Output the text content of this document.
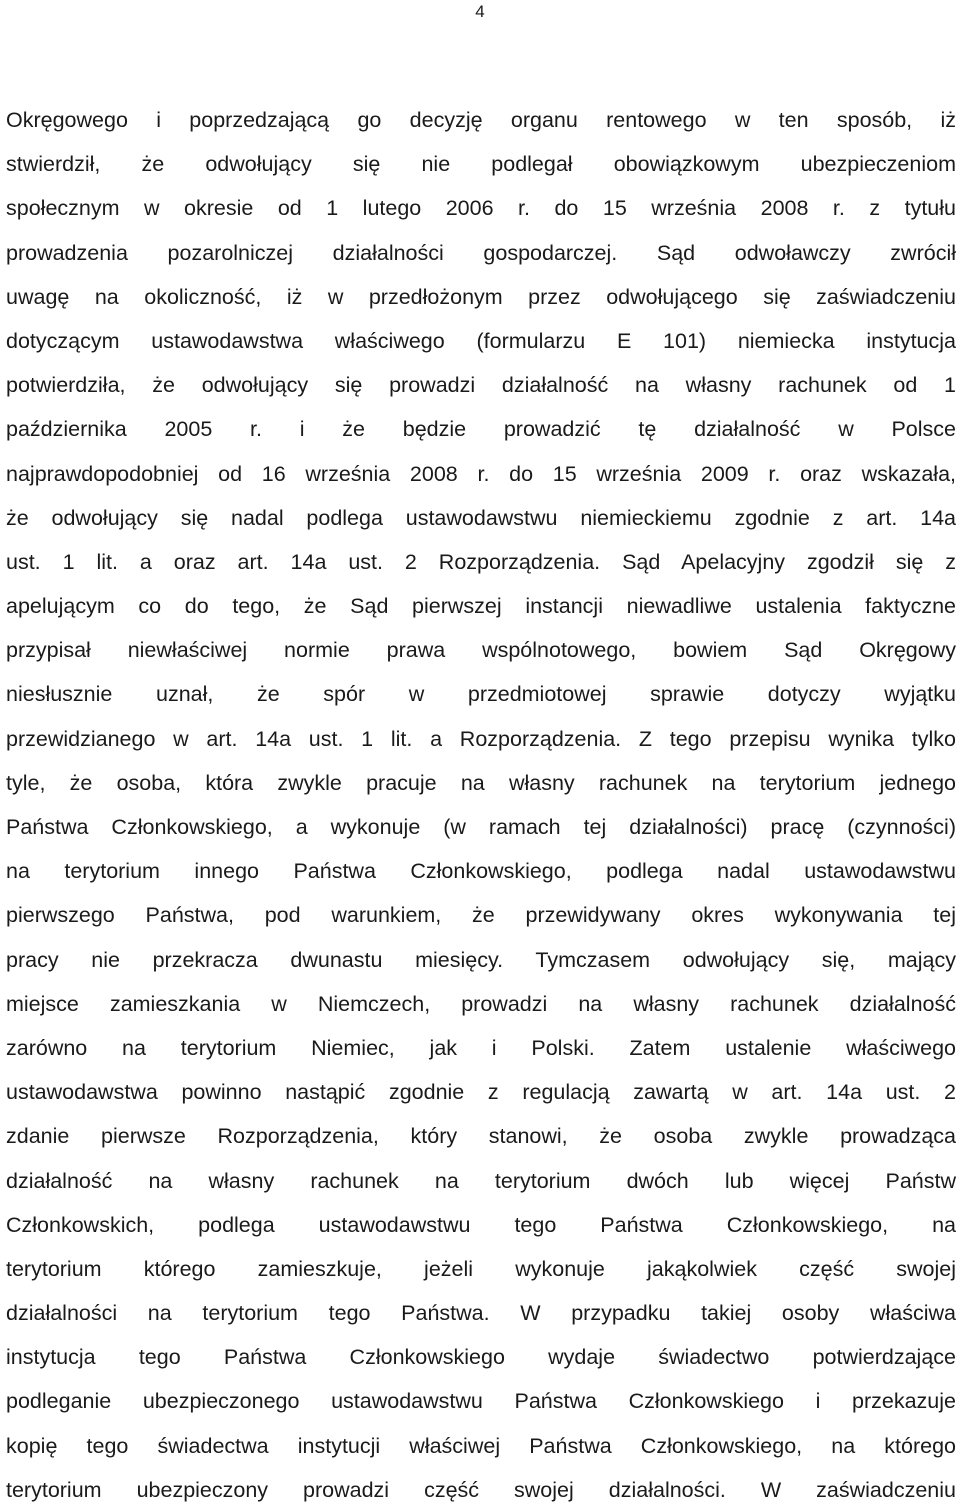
4
Okręgowego i poprzedzającą go decyzję organu rentowego w ten sposób, iż
stwierdził, że odwołujący się nie podlegał obowiązkowym ubezpieczeniom
społecznym w okresie od 1 lutego 2006 r. do 15 września 2008 r. z tytułu
prowadzenia pozarolniczej działalności gospodarczej. Sąd odwoławczy zwrócił
uwagę na okoliczność, iż w przedłożonym przez odwołującego się zaświadczeniu
dotyczącym ustawodawstwa właściwego (formularzu E 101) niemiecka instytucja
potwierdziła, że odwołujący się prowadzi działalność na własny rachunek od 1
października 2005 r. i że będzie prowadzić tę działalność w Polsce
najprawdopodobniej od 16 września 2008 r. do 15 września 2009 r. oraz wskazała,
że odwołujący się nadal podlega ustawodawstwu niemieckiemu zgodnie z art. 14a
ust. 1 lit. a oraz art. 14a ust. 2 Rozporządzenia. Sąd Apelacyjny zgodził się z
apelującym co do tego, że Sąd pierwszej instancji niewadliwe ustalenia faktyczne
przypisał niewłaściwej normie prawa wspólnotowego, bowiem Sąd Okręgowy
niesłusznie uznał, że spór w przedmiotowej sprawie dotyczy wyjątku
przewidzianego w art. 14a ust. 1 lit. a Rozporządzenia. Z tego przepisu wynika tylko
tyle, że osoba, która zwykle pracuje na własny rachunek na terytorium jednego
Państwa Członkowskiego, a wykonuje (w ramach tej działalności) pracę (czynności)
na terytorium innego Państwa Członkowskiego, podlega nadal ustawodawstwu
pierwszego Państwa, pod warunkiem, że przewidywany okres wykonywania tej
pracy nie przekracza dwunastu miesięcy. Tymczasem odwołujący się, mający
miejsce zamieszkania w Niemczech, prowadzi na własny rachunek działalność
zarówno na terytorium Niemiec, jak i Polski. Zatem ustalenie właściwego
ustawodawstwa powinno nastąpić zgodnie z regulacją zawartą w art. 14a ust. 2
zdanie pierwsze Rozporządzenia, który stanowi, że osoba zwykle prowadząca
działalność na własny rachunek na terytorium dwóch lub więcej Państw
Członkowskich, podlega ustawodawstwu tego Państwa Członkowskiego, na
terytorium którego zamieszkuje, jeżeli wykonuje jakąkolwiek część swojej
działalności na terytorium tego Państwa. W przypadku takiej osoby właściwa
instytucja tego Państwa Członkowskiego wydaje świadectwo potwierdzające
podleganie ubezpieczonego ustawodawstwu Państwa Członkowskiego i przekazuje
kopię tego świadectwa instytucji właściwej Państwa Członkowskiego, na którego
terytorium ubezpieczony prowadzi część swojej działalności. W zaświadczeniu
